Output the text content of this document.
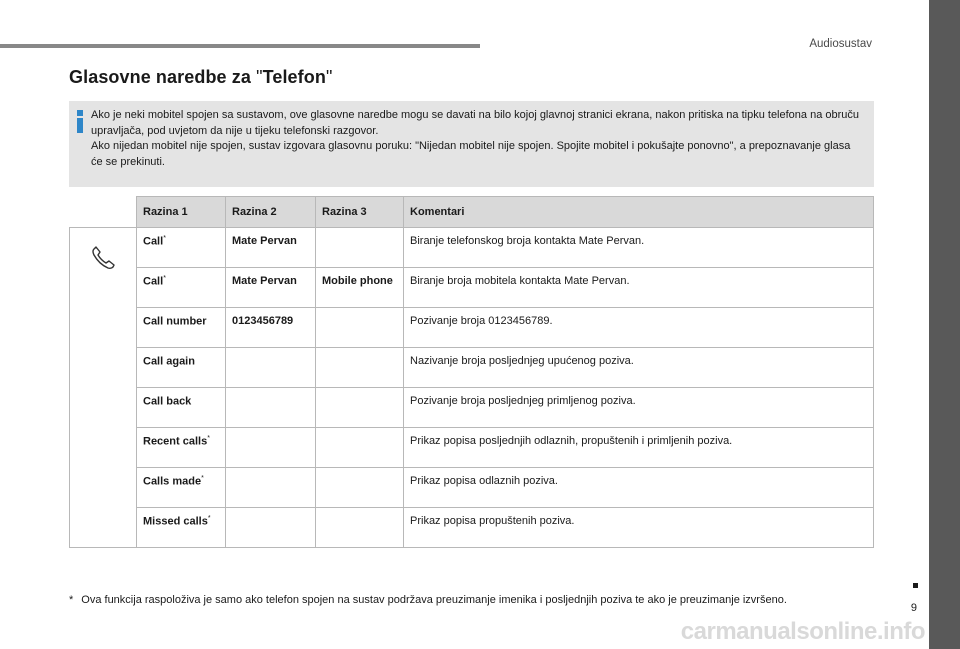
Audiosustav
9
Glasovne naredbe za "Telefon"

Ako je neki mobitel spojen sa sustavom, ove glasovne naredbe mogu se davati na bilo kojoj glavnoj stranici ekrana, nakon pritiska na tipku telefona na obruču upravljača, pod uvjetom da nije u tijeku telefonski razgovor.

Ako nijedan mobitel nije spojen, sustav izgovara glasovnu poruku: "Nijedan mobitel nije spojen. Spojite mobitel i pokušajte ponovno", a prepoznavanje glasa će se prekinuti.

	Razina 1	Razina 2	Razina 3	Komentari
	Call*	Mate Pervan		Biranje telefonskog broja kontakta Mate Pervan.
	Call*	Mate Pervan	Mobile phone	Biranje broja mobitela kontakta Mate Pervan.
	Call number	0123456789		Pozivanje broja 0123456789.
	Call again			Nazivanje broja posljednjeg upućenog poziva.
	Call back			Pozivanje broja posljednjeg primljenog poziva.
	Recent calls*			Prikaz popisa posljednjih odlaznih, propuštenih i primljenih poziva.
	Calls made*			Prikaz popisa odlaznih poziva.
	Missed calls*			Prikaz popisa propuštenih poziva.
* Ova funkcija raspoloživa je samo ako telefon spojen na sustav podržava preuzimanje imenika i posljednjih poziva te ako je preuzimanje izvršeno.
carmanualsonline.info
